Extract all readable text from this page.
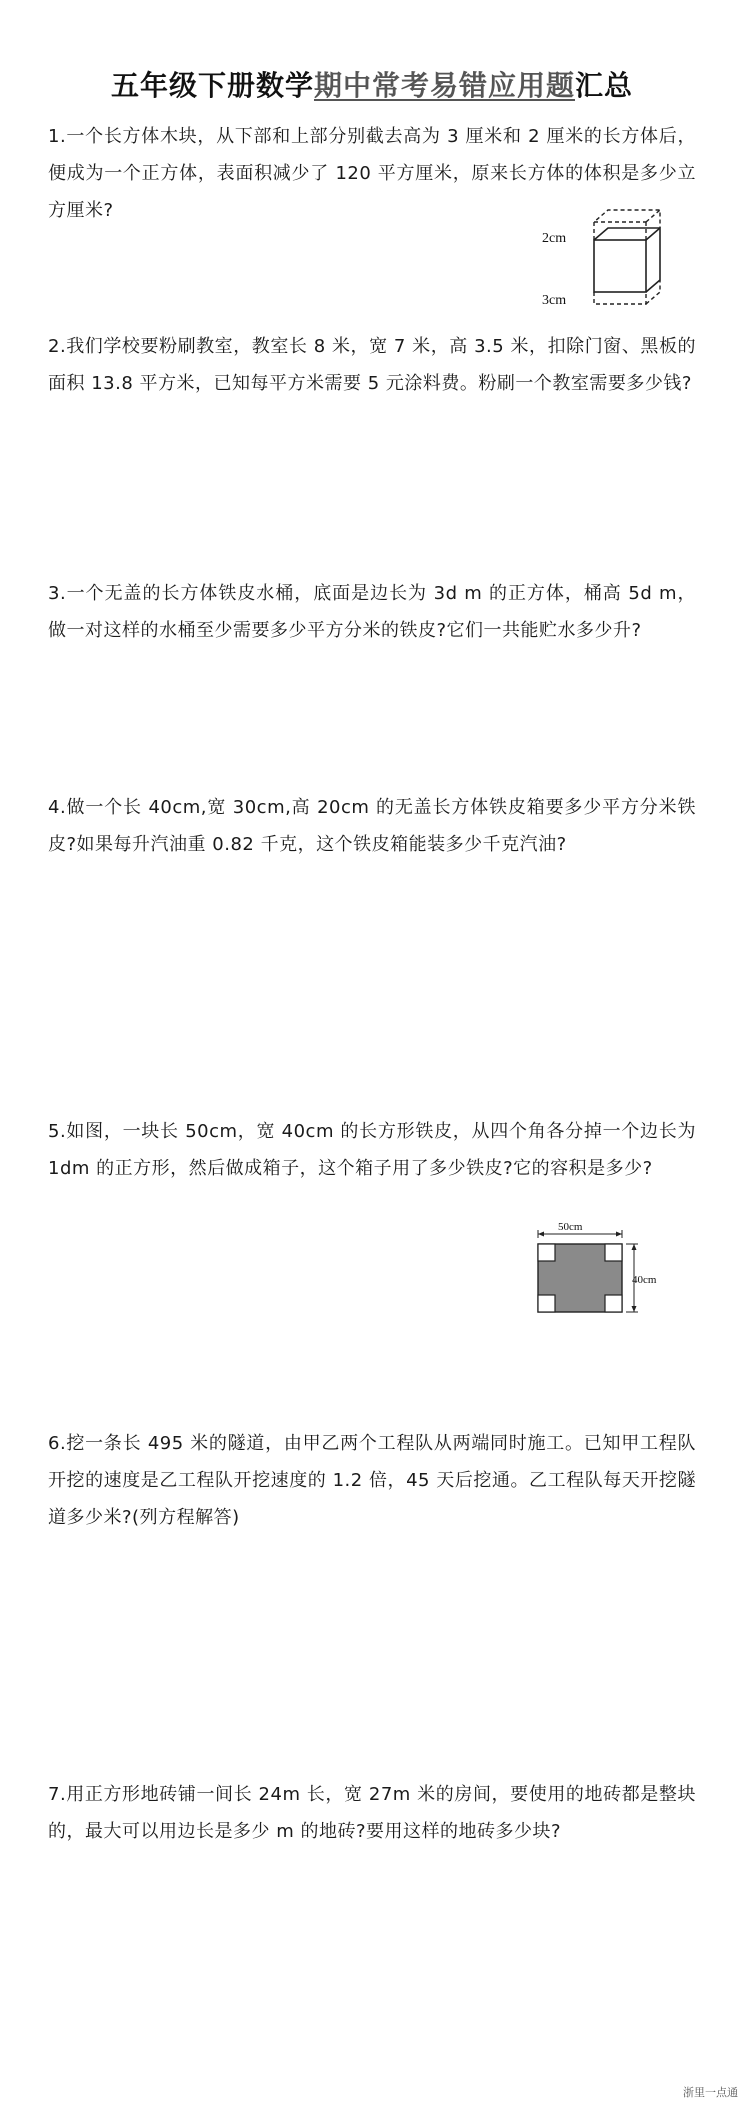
五年级下册数学期中常考易错应用题汇总
1.一个长方体木块，从下部和上部分别截去高为 3 厘米和 2 厘米的长方体后，便成为一个正方体，表面积减少了 120 平方厘米，原来长方体的体积是多少立方厘米?
2cm
3cm
2.我们学校要粉刷教室，教室长 8 米，宽 7 米，高 3.5 米，扣除门窗、黑板的面积 13.8 平方米，已知每平方米需要 5 元涂料费。粉刷一个教室需要多少钱?
3.一个无盖的长方体铁皮水桶，底面是边长为 3d m 的正方体，桶高 5d m，做一对这样的水桶至少需要多少平方分米的铁皮?它们一共能贮水多少升?
4.做一个长 40cm,宽 30cm,高 20cm 的无盖长方体铁皮箱要多少平方分米铁皮?如果每升汽油重 0.82 千克，这个铁皮箱能装多少千克汽油?
5.如图，一块长 50cm，宽 40cm 的长方形铁皮，从四个角各分掉一个边长为 1dm 的正方形，然后做成箱子，这个箱子用了多少铁皮?它的容积是多少?
50cm
40cm
6.挖一条长 495 米的隧道，由甲乙两个工程队从两端同时施工。已知甲工程队开挖的速度是乙工程队开挖速度的 1.2 倍，45 天后挖通。乙工程队每天开挖隧道多少米?(列方程解答)
7.用正方形地砖铺一间长 24m 长，宽 27m 米的房间，要使用的地砖都是整块的，最大可以用边长是多少 m 的地砖?要用这样的地砖多少块?
浙里一点通
